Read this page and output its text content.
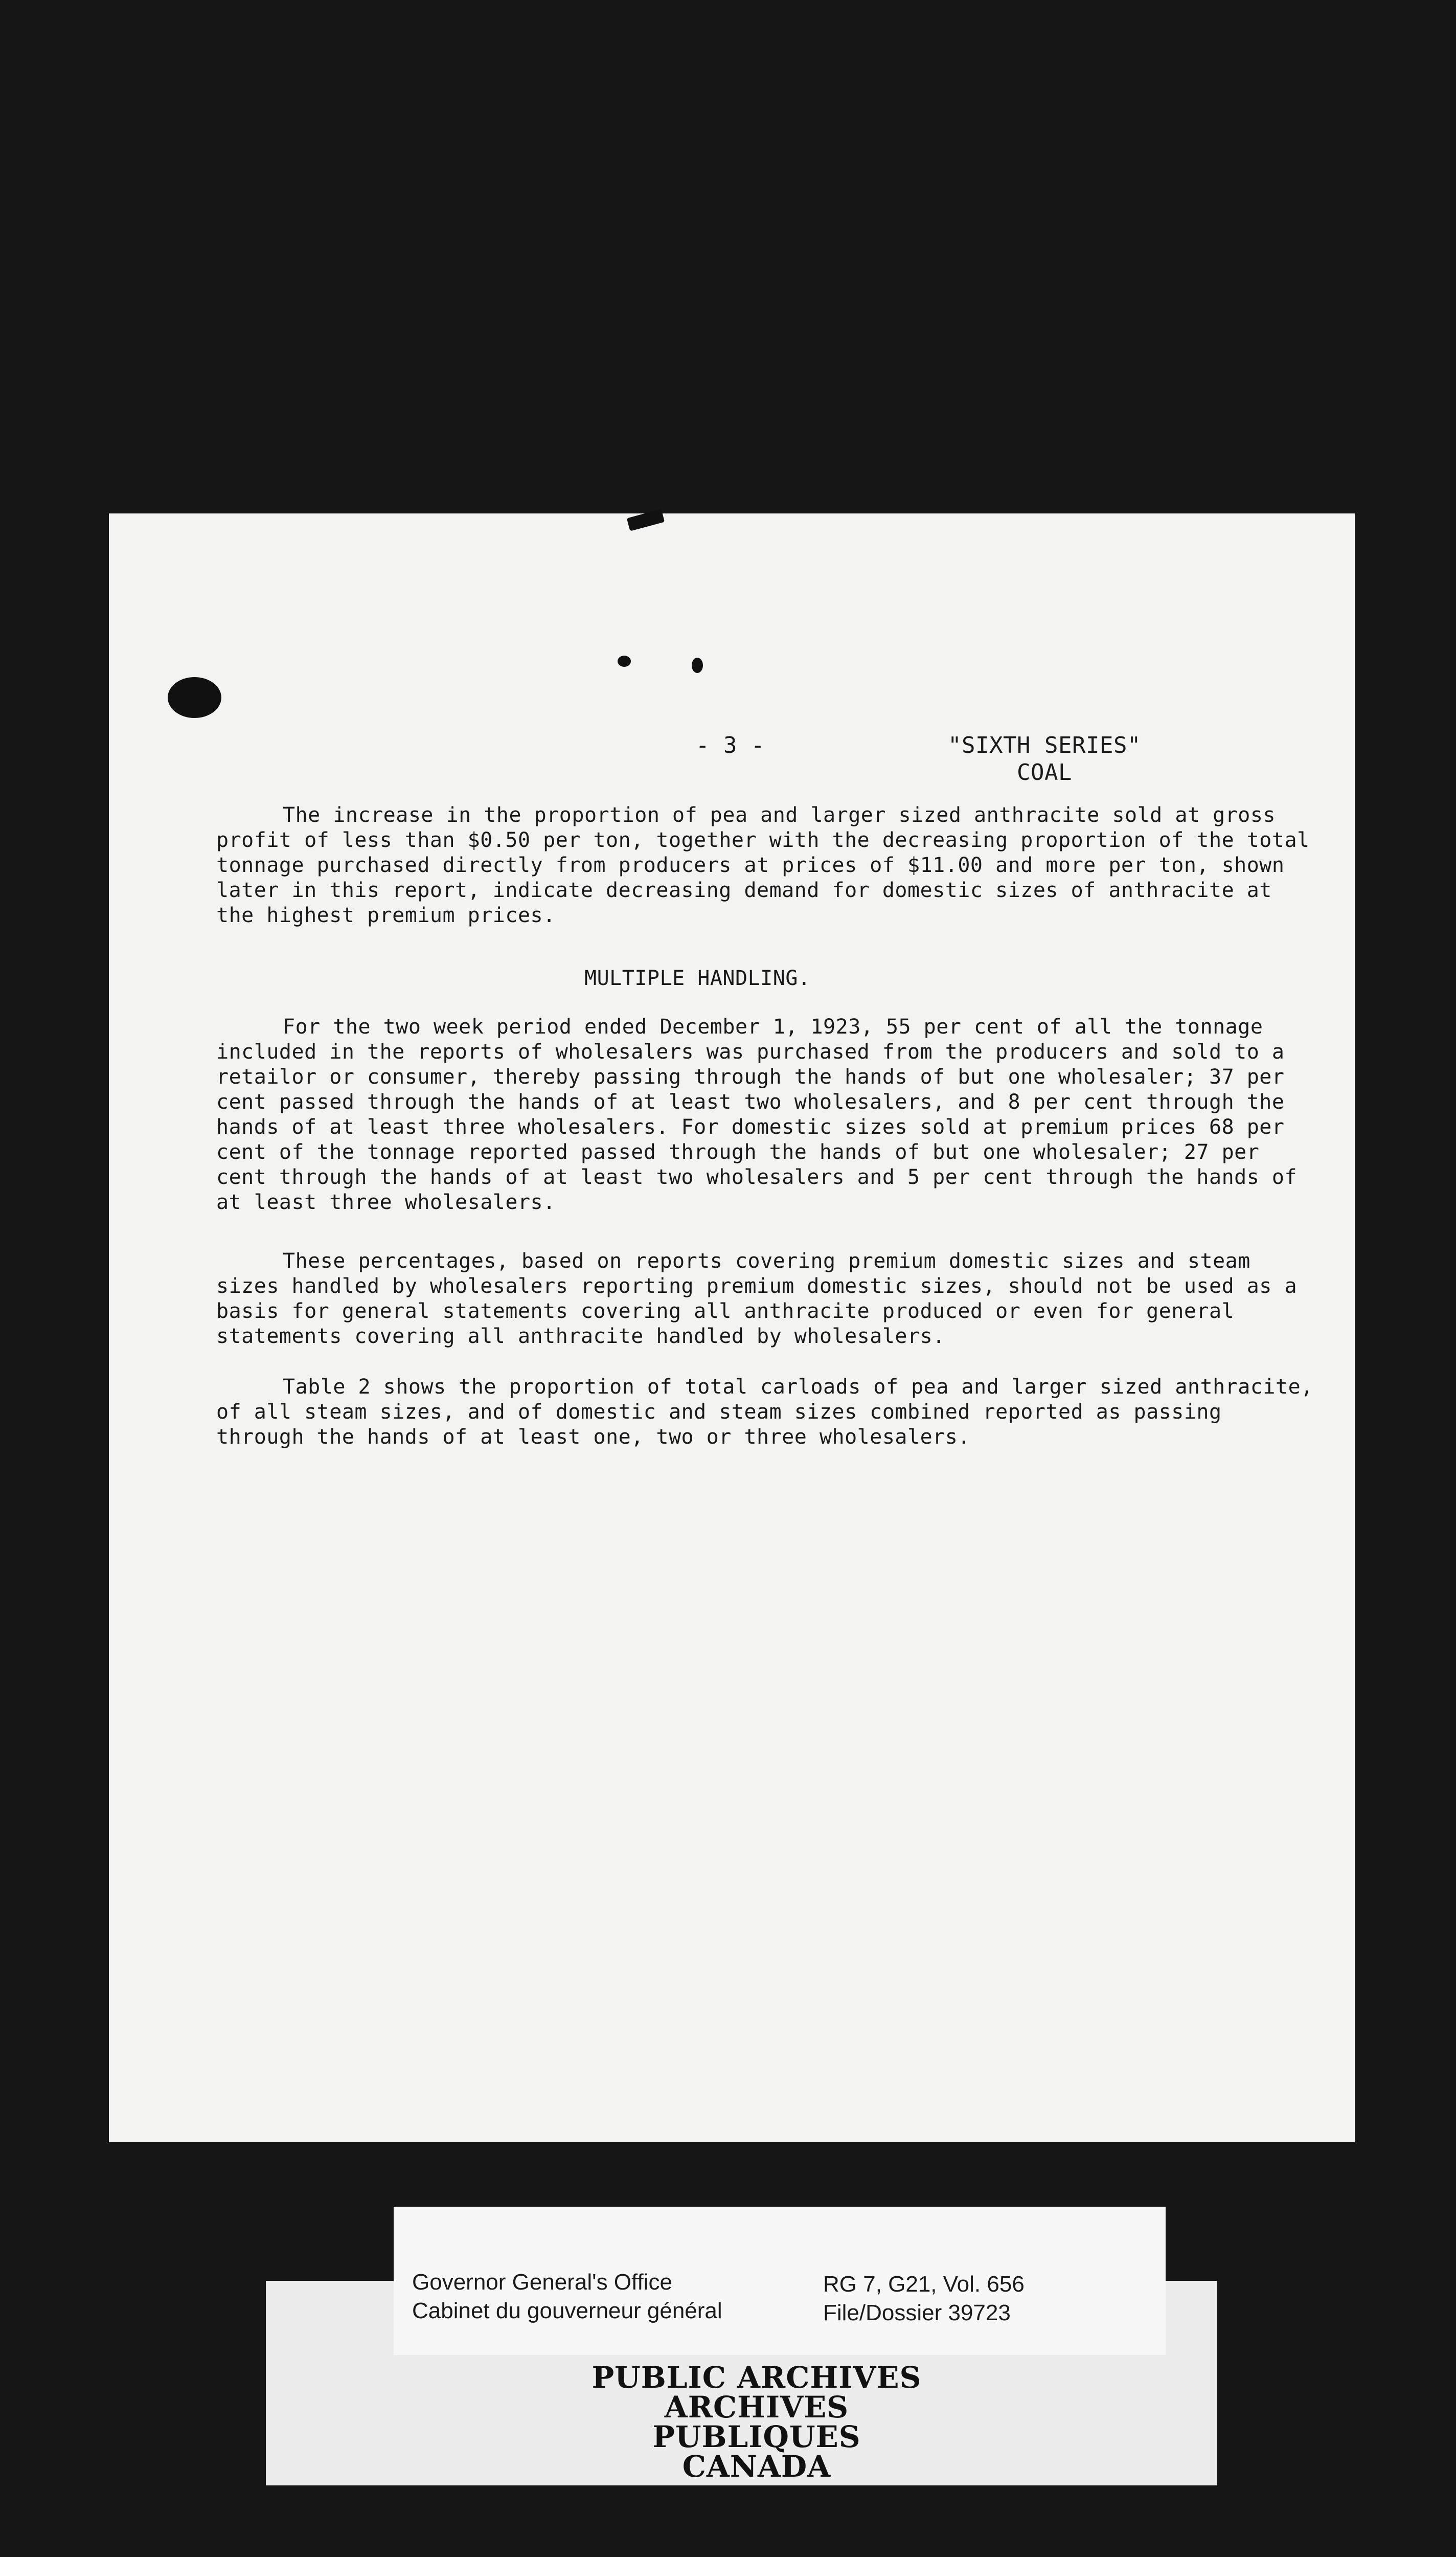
- 3 -	"SIXTH SERIES"
COAL

The increase in the proportion of pea and larger sized anthracite sold at gross profit of less than $0.50 per ton, together with the decreasing proportion of the total tonnage purchased directly from producers at prices of $11.00 and more per ton, shown later in this report, indicate decreasing demand for domestic sizes of anthracite at the highest premium prices.

MULTIPLE HANDLING.

For the two week period ended December 1, 1923, 55 per cent of all the tonnage included in the reports of wholesalers was purchased from the producers and sold to a retailor or consumer, thereby passing through the hands of but one wholesaler; 37 per cent passed through the hands of at least two wholesalers, and 8 per cent through the hands of at least three wholesalers. For domestic sizes sold at premium prices 68 per cent of the tonnage reported passed through the hands of but one wholesaler; 27 per cent through the hands of at least two wholesalers and 5 per cent through the hands of at least three wholesalers.

These percentages, based on reports covering premium domestic sizes and steam sizes handled by wholesalers reporting premium domestic sizes, should not be used as a basis for general statements covering all anthracite produced or even for general statements covering all anthracite handled by wholesalers.

Table 2 shows the proportion of total carloads of pea and larger sized anthracite, of all steam sizes, and of domestic and steam sizes combined reported as passing through the hands of at least one, two or three wholesalers.

Governor General's Office
Cabinet du gouverneur général
RG 7, G21, Vol. 656
File/Dossier 39723
PUBLIC ARCHIVES
ARCHIVES PUBLIQUES
CANADA
